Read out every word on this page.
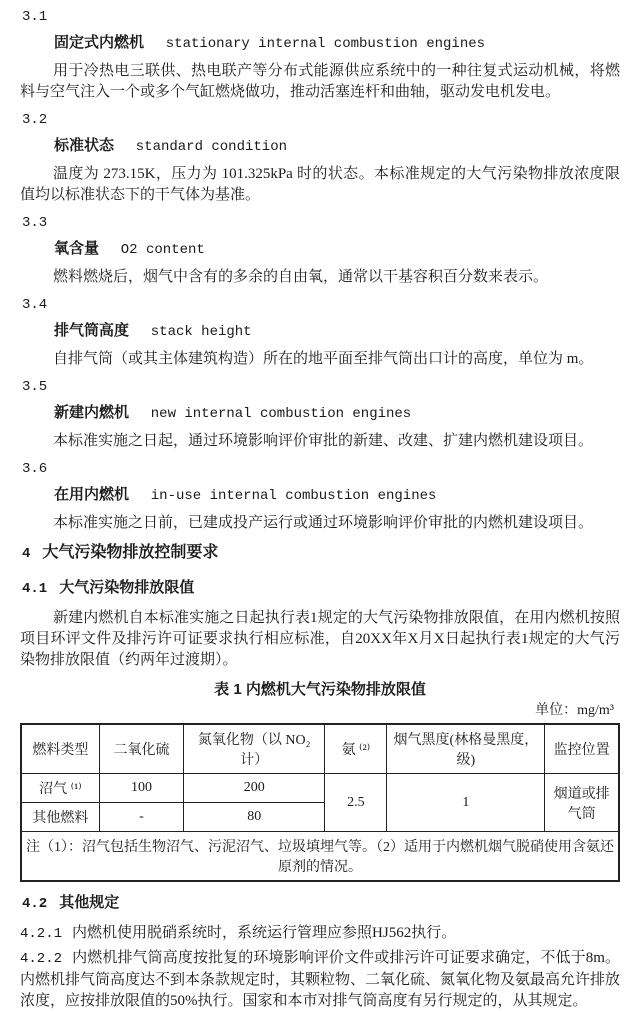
3.1
固定式内燃机 stationary internal combustion engines

用于冷热电三联供、热电联产等分布式能源供应系统中的一种往复式运动机械，将燃料与空气注入一个或多个气缸燃烧做功，推动活塞连杆和曲轴，驱动发电机发电。

3.2
标准状态 standard condition

温度为 273.15K，压力为 101.325kPa 时的状态。本标准规定的大气污染物排放浓度限值均以标准状态下的干气体为基准。

3.3
氧含量 O2 content

燃料燃烧后，烟气中含有的多余的自由氧，通常以干基容积百分数来表示。

3.4
排气筒高度 stack height

自排气筒（或其主体建筑构造）所在的地平面至排气筒出口计的高度，单位为 m。

3.5
新建内燃机 new internal combustion engines

本标准实施之日起，通过环境影响评价审批的新建、改建、扩建内燃机建设项目。

3.6
在用内燃机 in-use internal combustion engines

本标准实施之日前，已建成投产运行或通过环境影响评价审批的内燃机建设项目。

4 大气污染物排放控制要求
4.1 大气污染物排放限值

新建内燃机自本标准实施之日起执行表1规定的大气污染物排放限值，在用内燃机按照项目环评文件及排污许可证要求执行相应标准，自20XX年X月X日起执行表1规定的大气污染物排放限值（约两年过渡期）。

表 1 内燃机大气污染物排放限值
单位：mg/m³
燃料类型	二氧化硫	氮氧化物（以 NO₂ 计）	氨 ⁽²⁾	烟气黑度(林格曼黑度，级)	监控位置
沼气 ⁽¹⁾	100	200	2.5	1	烟道或排气筒
其他燃料	-	80			
注（1）：沼气包括生物沼气、污泥沼气、垃圾填埋气等。（2）适用于内燃机烟气脱硝使用含氨还原剂的情况。					
4.2 其他规定

4.2.1 内燃机使用脱硝系统时，系统运行管理应参照HJ562执行。

4.2.2 内燃机排气筒高度按批复的环境影响评价文件或排污许可证要求确定，不低于8m。内燃机排气筒高度达不到本条款规定时，其颗粒物、二氧化硫、氮氧化物及氨最高允许排放浓度，应按排放限值的50%执行。国家和本市对排气筒高度有另行规定的，从其规定。
